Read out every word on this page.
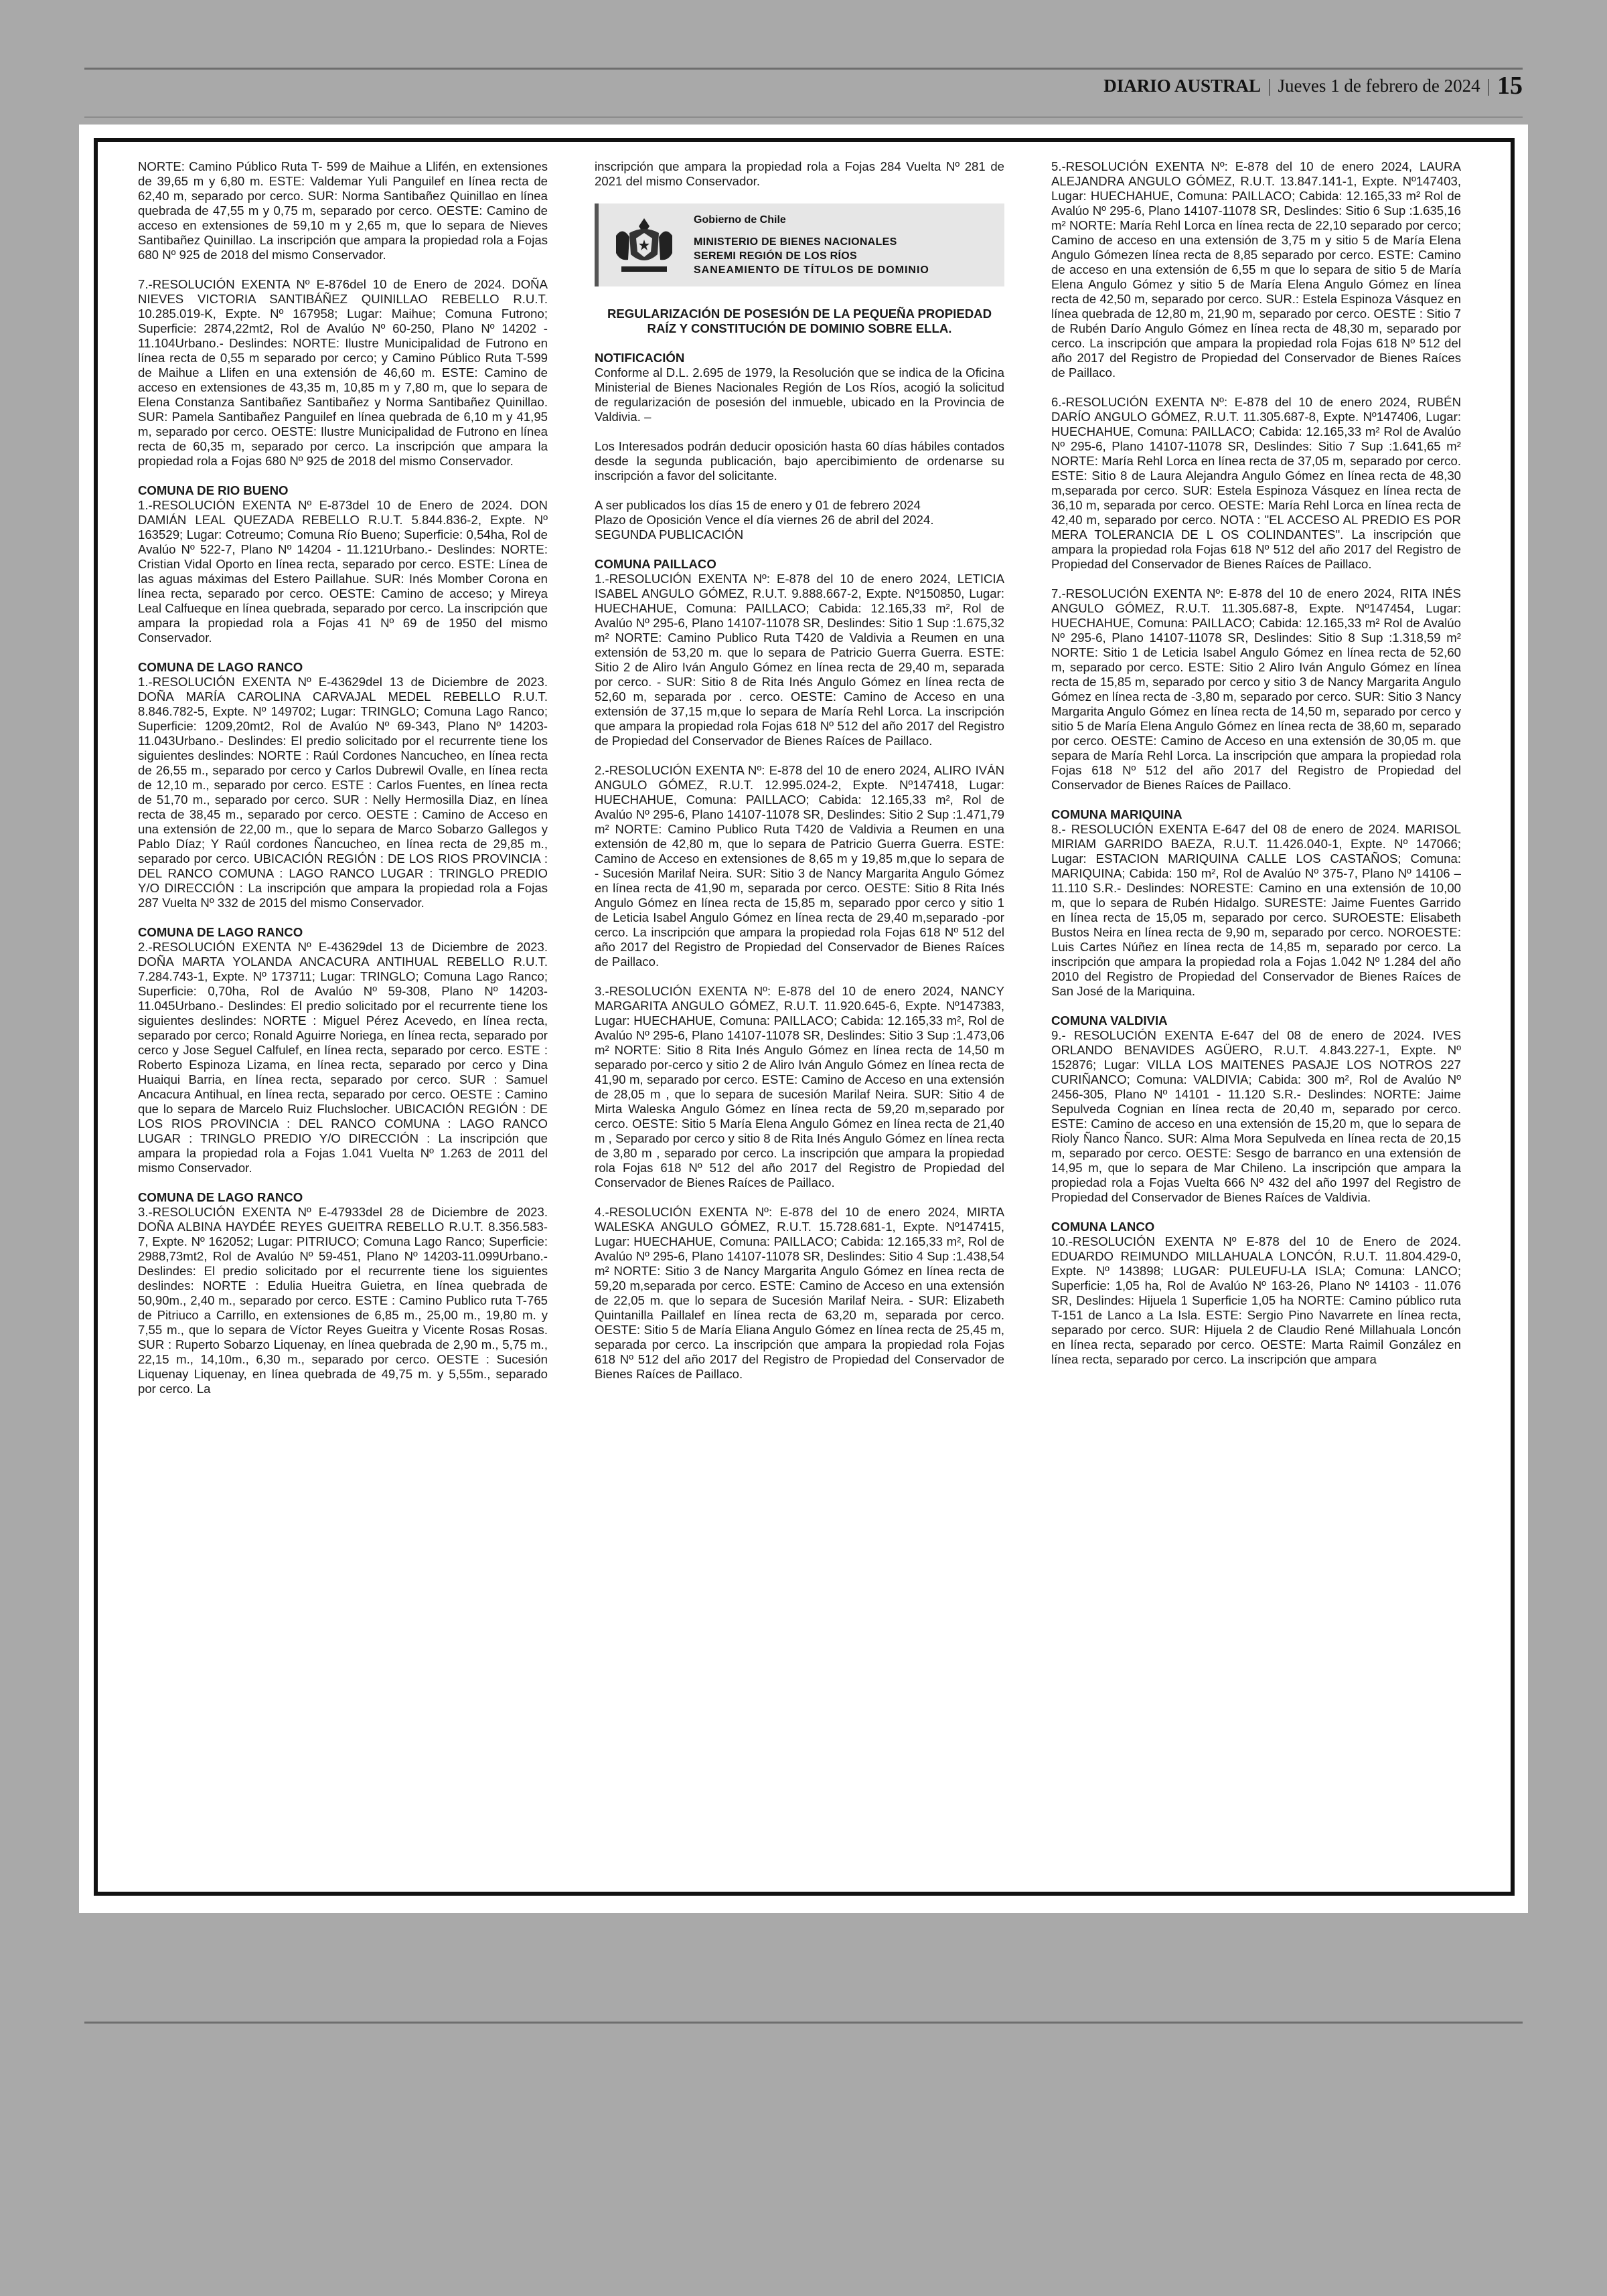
DIARIO AUSTRAL | Jueves 1 de febrero de 2024 | 15

NORTE: Camino Público Ruta T- 599 de Maihue a Llifén, en extensiones de 39,65 m y 6,80 m. ESTE: Valdemar Yuli Panguilef en línea recta de 62,40 m, separado por cerco. SUR: Norma Santibañez Quinillao en línea quebrada de 47,55 m y 0,75 m, separado por cerco. OESTE: Camino de acceso en extensiones de 59,10 m y 2,65 m, que lo separa de Nieves Santibañez Quinillao. La inscripción que ampara la propiedad rola a Fojas 680 Nº 925 de 2018 del mismo Conservador.

7.-RESOLUCIÓN EXENTA Nº E-876del 10 de Enero de 2024. DOÑA NIEVES VICTORIA SANTIBÁÑEZ QUINILLAO REBELLO R.U.T. 10.285.019-K, Expte. Nº 167958; Lugar: Maihue; Comuna Futrono; Superficie: 2874,22mt2, Rol de Avalúo Nº 60-250, Plano Nº 14202 - 11.104Urbano.- Deslindes: NORTE: Ilustre Municipalidad de Futrono en línea recta de 0,55 m separado por cerco; y Camino Público Ruta T-599 de Maihue a Llifen en una extensión de 46,60 m. ESTE: Camino de acceso en extensiones de 43,35 m, 10,85 m y 7,80 m, que lo separa de Elena Constanza Santibañez Santibañez y Norma Santibañez Quinillao. SUR: Pamela Santibañez Panguilef en línea quebrada de 6,10 m y 41,95 m, separado por cerco. OESTE: Ilustre Municipalidad de Futrono en línea recta de 60,35 m, separado por cerco. La inscripción que ampara la propiedad rola a Fojas 680 Nº 925 de 2018 del mismo Conservador.

COMUNA DE RIO BUENO

1.-RESOLUCIÓN EXENTA Nº E-873del 10 de Enero de 2024. DON DAMIÁN LEAL QUEZADA REBELLO R.U.T. 5.844.836-2, Expte. Nº 163529; Lugar: Cotreumo; Comuna Río Bueno; Superficie: 0,54ha, Rol de Avalúo Nº 522-7, Plano Nº 14204 - 11.121Urbano.- Deslindes: NORTE: Cristian Vidal Oporto en línea recta, separado por cerco. ESTE: Línea de las aguas máximas del Estero Paillahue. SUR: Inés Momber Corona en línea recta, separado por cerco. OESTE: Camino de acceso; y Mireya Leal Calfueque en línea quebrada, separado por cerco. La inscripción que ampara la propiedad rola a Fojas 41 Nº 69 de 1950 del mismo Conservador.

COMUNA DE LAGO RANCO

1.-RESOLUCIÓN EXENTA Nº E-43629del 13 de Diciembre de 2023. DOÑA MARÍA CAROLINA CARVAJAL MEDEL REBELLO R.U.T. 8.846.782-5, Expte. Nº 149702; Lugar: TRINGLO; Comuna Lago Ranco; Superficie: 1209,20mt2, Rol de Avalúo Nº 69-343, Plano Nº 14203-11.043Urbano.- Deslindes: El predio solicitado por el recurrente tiene los siguientes deslindes: NORTE : Raúl Cordones Nancucheo, en línea recta de 26,55 m., separado por cerco y Carlos Dubrewil Ovalle, en línea recta de 12,10 m., separado por cerco. ESTE : Carlos Fuentes, en línea recta de 51,70 m., separado por cerco. SUR : Nelly Hermosilla Diaz, en línea recta de 38,45 m., separado por cerco. OESTE : Camino de Acceso en una extensión de 22,00 m., que lo separa de Marco Sobarzo Gallegos y Pablo Díaz; Y Raúl cordones Ñancucheo, en línea recta de 29,85 m., separado por cerco. UBICACIÓN REGIÓN : DE LOS RIOS PROVINCIA : DEL RANCO COMUNA : LAGO RANCO LUGAR : TRINGLO PREDIO Y/O DIRECCIÓN : La inscripción que ampara la propiedad rola a Fojas 287 Vuelta Nº 332 de 2015 del mismo Conservador.

COMUNA DE LAGO RANCO

2.-RESOLUCIÓN EXENTA Nº E-43629del 13 de Diciembre de 2023. DOÑA MARTA YOLANDA ANCACURA ANTIHUAL REBELLO R.U.T. 7.284.743-1, Expte. Nº 173711; Lugar: TRINGLO; Comuna Lago Ranco; Superficie: 0,70ha, Rol de Avalúo Nº 59-308, Plano Nº 14203-11.045Urbano.- Deslindes: El predio solicitado por el recurrente tiene los siguientes deslindes: NORTE : Miguel Pérez Acevedo, en línea recta, separado por cerco; Ronald Aguirre Noriega, en línea recta, separado por cerco y Jose Seguel Calfulef, en línea recta, separado por cerco. ESTE : Roberto Espinoza Lizama, en línea recta, separado por cerco y Dina Huaiqui Barria, en línea recta, separado por cerco. SUR : Samuel Ancacura Antihual, en línea recta, separado por cerco. OESTE : Camino que lo separa de Marcelo Ruiz Fluchslocher. UBICACIÓN REGIÓN : DE LOS RIOS PROVINCIA : DEL RANCO COMUNA : LAGO RANCO LUGAR : TRINGLO PREDIO Y/O DIRECCIÓN : La inscripción que ampara la propiedad rola a Fojas 1.041 Vuelta Nº 1.263 de 2011 del mismo Conservador.

COMUNA DE LAGO RANCO

3.-RESOLUCIÓN EXENTA Nº E-47933del 28 de Diciembre de 2023. DOÑA ALBINA HAYDÉE REYES GUEITRA REBELLO R.U.T. 8.356.583-7, Expte. Nº 162052; Lugar: PITRIUCO; Comuna Lago Ranco; Superficie: 2988,73mt2, Rol de Avalúo Nº 59-451, Plano Nº 14203-11.099Urbano.- Deslindes: El predio solicitado por el recurrente tiene los siguientes deslindes: NORTE : Edulia Hueitra Guietra, en línea quebrada de 50,90m., 2,40 m., separado por cerco. ESTE : Camino Publico ruta T-765 de Pitriuco a Carrillo, en extensiones de 6,85 m., 25,00 m., 19,80 m. y 7,55 m., que lo separa de Víctor Reyes Gueitra y Vicente Rosas Rosas. SUR : Ruperto Sobarzo Liquenay, en línea quebrada de 2,90 m., 5,75 m., 22,15 m., 14,10m., 6,30 m., separado por cerco. OESTE : Sucesión Liquenay Liquenay, en línea quebrada de 49,75 m. y 5,55m., separado por cerco. La

inscripción que ampara la propiedad rola a Fojas 284 Vuelta Nº 281 de 2021 del mismo Conservador.

Gobierno de Chile
MINISTERIO DE BIENES NACIONALES
SEREMI REGIÓN DE LOS RÍOS
SANEAMIENTO DE TÍTULOS DE DOMINIO
REGULARIZACIÓN DE POSESIÓN DE LA PEQUEÑA PROPIEDAD
RAÍZ Y CONSTITUCIÓN DE DOMINIO SOBRE ELLA.
NOTIFICACIÓN

Conforme al D.L. 2.695 de 1979, la Resolución que se indica de la Oficina Ministerial de Bienes Nacionales Región de Los Ríos, acogió la solicitud de regularización de posesión del inmueble, ubicado en la Provincia de Valdivia. –

Los Interesados podrán deducir oposición hasta 60 días hábiles contados desde la segunda publicación, bajo apercibimiento de ordenarse su inscripción a favor del solicitante.

A ser publicados los días 15 de enero y 01 de febrero 2024
Plazo de Oposición Vence el día viernes 26 de abril del 2024.

SEGUNDA PUBLICACIÓN

COMUNA PAILLACO

1.-RESOLUCIÓN EXENTA Nº: E-878 del 10 de enero 2024, LETICIA ISABEL ANGULO GÓMEZ, R.U.T. 9.888.667-2, Expte. Nº150850, Lugar: HUECHAHUE, Comuna: PAILLACO; Cabida: 12.165,33 m², Rol de Avalúo Nº 295-6, Plano 14107-11078 SR, Deslindes: Sitio 1 Sup :1.675,32 m² NORTE: Camino Publico Ruta T420 de Valdivia a Reumen en una extensión de 53,20 m. que lo separa de Patricio Guerra Guerra. ESTE: Sitio 2 de Aliro Iván Angulo Gómez en línea recta de 29,40 m, separada por cerco. - SUR: Sitio 8 de Rita Inés Angulo Gómez en línea recta de 52,60 m, separada por . cerco. OESTE: Camino de Acceso en una extensión de 37,15 m,que lo separa de María Rehl Lorca. La inscripción que ampara la propiedad rola Fojas 618 Nº 512 del año 2017 del Registro de Propiedad del Conservador de Bienes Raíces de Paillaco.

2.-RESOLUCIÓN EXENTA Nº: E-878 del 10 de enero 2024, ALIRO IVÁN ANGULO GÓMEZ, R.U.T. 12.995.024-2, Expte. Nº147418, Lugar: HUECHAHUE, Comuna: PAILLACO; Cabida: 12.165,33 m², Rol de Avalúo Nº 295-6, Plano 14107-11078 SR, Deslindes: Sitio 2 Sup :1.471,79 m² NORTE: Camino Publico Ruta T420 de Valdivia a Reumen en una extensión de 42,80 m, que lo separa de Patricio Guerra Guerra. ESTE: Camino de Acceso en extensiones de 8,65 m y 19,85 m,que lo separa de - Sucesión Marilaf Neira. SUR: Sitio 3 de Nancy Margarita Angulo Gómez en línea recta de 41,90 m, separada por cerco. OESTE: Sitio 8 Rita Inés Angulo Gómez en línea recta de 15,85 m, separado ppor cerco y sitio 1 de Leticia Isabel Angulo Gómez en línea recta de 29,40 m,separado -por cerco. La inscripción que ampara la propiedad rola Fojas 618 Nº 512 del año 2017 del Registro de Propiedad del Conservador de Bienes Raíces de Paillaco.

3.-RESOLUCIÓN EXENTA Nº: E-878 del 10 de enero 2024, NANCY MARGARITA ANGULO GÓMEZ, R.U.T. 11.920.645-6, Expte. Nº147383, Lugar: HUECHAHUE, Comuna: PAILLACO; Cabida: 12.165,33 m², Rol de Avalúo Nº 295-6, Plano 14107-11078 SR, Deslindes: Sitio 3 Sup :1.473,06 m² NORTE: Sitio 8 Rita Inés Angulo Gómez en línea recta de 14,50 m separado por-cerco y sitio 2 de Aliro Iván Angulo Gómez en línea recta de 41,90 m, separado por cerco. ESTE: Camino de Acceso en una extensión de 28,05 m , que lo separa de sucesión Marilaf Neira. SUR: Sitio 4 de Mirta Waleska Angulo Gómez en línea recta de 59,20 m,separado por cerco. OESTE: Sitio 5 María Elena Angulo Gómez en línea recta de 21,40 m , Separado por cerco y sitio 8 de Rita Inés Angulo Gómez en línea recta de 3,80 m , separado por cerco. La inscripción que ampara la propiedad rola Fojas 618 Nº 512 del año 2017 del Registro de Propiedad del Conservador de Bienes Raíces de Paillaco.

4.-RESOLUCIÓN EXENTA Nº: E-878 del 10 de enero 2024, MIRTA WALESKA ANGULO GÓMEZ, R.U.T. 15.728.681-1, Expte. Nº147415, Lugar: HUECHAHUE, Comuna: PAILLACO; Cabida: 12.165,33 m², Rol de Avalúo Nº 295-6, Plano 14107-11078 SR, Deslindes: Sitio 4 Sup :1.438,54 m² NORTE: Sitio 3 de Nancy Margarita Angulo Gómez en línea recta de 59,20 m,separada por cerco. ESTE: Camino de Acceso en una extensión de 22,05 m. que lo separa de Sucesión Marilaf Neira. - SUR: Elizabeth Quintanilla Paillalef en línea recta de 63,20 m, separada por cerco. OESTE: Sitio 5 de María Eliana Angulo Gómez en línea recta de 25,45 m, separada por cerco. La inscripción que ampara la propiedad rola Fojas 618 Nº 512 del año 2017 del Registro de Propiedad del Conservador de Bienes Raíces de Paillaco.

5.-RESOLUCIÓN EXENTA Nº: E-878 del 10 de enero 2024, LAURA ALEJANDRA ANGULO GÓMEZ, R.U.T. 13.847.141-1, Expte. Nº147403, Lugar: HUECHAHUE, Comuna: PAILLACO; Cabida: 12.165,33 m² Rol de Avalúo Nº 295-6, Plano 14107-11078 SR, Deslindes: Sitio 6 Sup :1.635,16 m² NORTE: María Rehl Lorca en línea recta de 22,10 separado por cerco; Camino de acceso en una extensión de 3,75 m y sitio 5 de María Elena Angulo Gómezen línea recta de 8,85 separado por cerco. ESTE: Camino de acceso en una extensión de 6,55 m que lo separa de sitio 5 de María Elena Angulo Gómez y sitio 5 de María Elena Angulo Gómez en línea recta de 42,50 m, separado por cerco. SUR.: Estela Espinoza Vásquez en línea quebrada de 12,80 m, 21,90 m, separado por cerco. OESTE : Sitio 7 de Rubén Darío Angulo Gómez en línea recta de 48,30 m, separado por cerco. La inscripción que ampara la propiedad rola Fojas 618 Nº 512 del año 2017 del Registro de Propiedad del Conservador de Bienes Raíces de Paillaco.

6.-RESOLUCIÓN EXENTA Nº: E-878 del 10 de enero 2024, RUBÉN DARÍO ANGULO GÓMEZ, R.U.T. 11.305.687-8, Expte. Nº147406, Lugar: HUECHAHUE, Comuna: PAILLACO; Cabida: 12.165,33 m² Rol de Avalúo Nº 295-6, Plano 14107-11078 SR, Deslindes: Sitio 7 Sup :1.641,65 m² NORTE: María Rehl Lorca en línea recta de 37,05 m, separado por cerco. ESTE: Sitio 8 de Laura Alejandra Angulo Gómez en línea recta de 48,30 m,separada por cerco. SUR: Estela Espinoza Vásquez en línea recta de 36,10 m, separada por cerco. OESTE: María Rehl Lorca en línea recta de 42,40 m, separado por cerco. NOTA : "EL ACCESO AL PREDIO ES POR MERA TOLERANCIA DE L OS COLINDANTES". La inscripción que ampara la propiedad rola Fojas 618 Nº 512 del año 2017 del Registro de Propiedad del Conservador de Bienes Raíces de Paillaco.

7.-RESOLUCIÓN EXENTA Nº: E-878 del 10 de enero 2024, RITA INÉS ANGULO GÓMEZ, R.U.T. 11.305.687-8, Expte. Nº147454, Lugar: HUECHAHUE, Comuna: PAILLACO; Cabida: 12.165,33 m² Rol de Avalúo Nº 295-6, Plano 14107-11078 SR, Deslindes: Sitio 8 Sup :1.318,59 m² NORTE: Sitio 1 de Leticia Isabel Angulo Gómez en línea recta de 52,60 m, separado por cerco. ESTE: Sitio 2 Aliro Iván Angulo Gómez en línea recta de 15,85 m, separado por cerco y sitio 3 de Nancy Margarita Angulo Gómez en línea recta de -3,80 m, separado por cerco. SUR: Sitio 3 Nancy Margarita Angulo Gómez en línea recta de 14,50 m, separado por cerco y sitio 5 de María Elena Angulo Gómez en línea recta de 38,60 m, separado por cerco. OESTE: Camino de Acceso en una extensión de 30,05 m. que separa de María Rehl Lorca. La inscripción que ampara la propiedad rola Fojas 618 Nº 512 del año 2017 del Registro de Propiedad del Conservador de Bienes Raíces de Paillaco.

COMUNA MARIQUINA

8.- RESOLUCIÓN EXENTA E-647 del 08 de enero de 2024. MARISOL MIRIAM GARRIDO BAEZA, R.U.T. 11.426.040-1, Expte. Nº 147066; Lugar: ESTACION MARIQUINA CALLE LOS CASTAÑOS; Comuna: MARIQUINA; Cabida: 150 m², Rol de Avalúo Nº 375-7, Plano Nº 14106 – 11.110 S.R.- Deslindes: NORESTE: Camino en una extensión de 10,00 m, que lo separa de Rubén Hidalgo. SURESTE: Jaime Fuentes Garrido en línea recta de 15,05 m, separado por cerco. SUROESTE: Elisabeth Bustos Neira en línea recta de 9,90 m, separado por cerco. NOROESTE: Luis Cartes Núñez en línea recta de 14,85 m, separado por cerco. La inscripción que ampara la propiedad rola a Fojas 1.042 Nº 1.284 del año 2010 del Registro de Propiedad del Conservador de Bienes Raíces de San José de la Mariquina.

COMUNA VALDIVIA

9.- RESOLUCIÓN EXENTA E-647 del 08 de enero de 2024. IVES ORLANDO BENAVIDES AGÜERO, R.U.T. 4.843.227-1, Expte. Nº 152876; Lugar: VILLA LOS MAITENES PASAJE LOS NOTROS 227 CURIÑANCO; Comuna: VALDIVIA; Cabida: 300 m², Rol de Avalúo Nº 2456-305, Plano Nº 14101 - 11.120 S.R.- Deslindes: NORTE: Jaime Sepulveda Cognian en línea recta de 20,40 m, separado por cerco. ESTE: Camino de acceso en una extensión de 15,20 m, que lo separa de Rioly Ñanco Ñanco. SUR: Alma Mora Sepulveda en línea recta de 20,15 m, separado por cerco. OESTE: Sesgo de barranco en una extensión de 14,95 m, que lo separa de Mar Chileno. La inscripción que ampara la propiedad rola a Fojas Vuelta 666 Nº 432 del año 1997 del Registro de Propiedad del Conservador de Bienes Raíces de Valdivia.

COMUNA LANCO

10.-RESOLUCIÓN EXENTA Nº E-878 del 10 de Enero de 2024. EDUARDO REIMUNDO MILLAHUALA LONCÓN, R.U.T. 11.804.429-0, Expte. Nº 143898; LUGAR: PULEUFU-LA ISLA; Comuna: LANCO; Superficie: 1,05 ha, Rol de Avalúo Nº 163-26, Plano Nº 14103 - 11.076 SR, Deslindes: Hijuela 1 Superficie 1,05 ha NORTE: Camino público ruta T-151 de Lanco a La Isla. ESTE: Sergio Pino Navarrete en línea recta, separado por cerco. SUR: Hijuela 2 de Claudio René Millahuala Loncón en línea recta, separado por cerco. OESTE: Marta Raimil González en línea recta, separado por cerco. La inscripción que ampara
